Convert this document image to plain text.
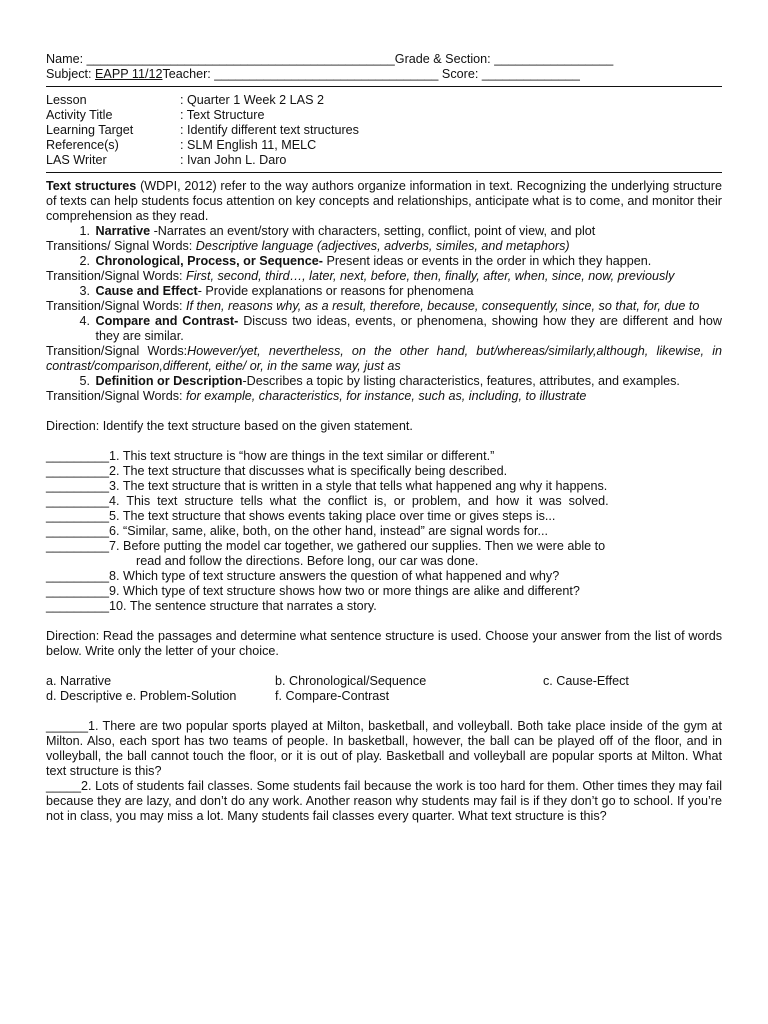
Name: ____________________________________________Grade & Section: _________________
Subject: EAPP 11/12Teacher: ________________________________ Score: ______________
Lesson	: Quarter 1 Week 2 LAS 2
Activity Title	: Text Structure
Learning Target	: Identify different text structures
Reference(s)	: SLM English 11, MELC
LAS Writer	: Ivan John L. Daro
Text structures (WDPI, 2012) refer to the way authors organize information in text. Recognizing the underlying structure of texts can help students focus attention on key concepts and relationships, anticipate what is to come, and monitor their comprehension as they read.
1. Narrative -Narrates an event/story with characters, setting, conflict, point of view, and plot
Transitions/ Signal Words: Descriptive language (adjectives, adverbs, similes, and metaphors)
2.
Chronological, Process, or Sequence- Present ideas or events in the order in which they happen.
Transition/Signal Words: First, second, third…, later, next, before, then, finally, after, when, since, now, previously
3. Cause and Effect- Provide explanations or reasons for phenomena
Transition/Signal Words: If then, reasons why, as a result, therefore, because, consequently, since, so that, for, due to
4.
Compare and Contrast- Discuss two ideas, events, or phenomena, showing how they are different and how they are similar.
Transition/Signal Words:However/yet, nevertheless, on the other hand, but/whereas/similarly,although, likewise, in contrast/comparison,different, eithe/ or, in the same way, just as
5.
Definition or Description-Describes a topic by listing characteristics, features, attributes, and examples.
Transition/Signal Words: for example, characteristics, for instance, such as, including, to illustrate
Direction: Identify the text structure based on the given statement.
_________1. This text structure is “how are things in the text similar or different.”
_________2. The text structure that discusses what is specifically being described.
_________3. The text structure that is written in a style that tells what happened ang why it happens.
_________4.  This  text  structure  tells  what  the  conflict  is,  or  problem,  and  how  it  was  solved.
_________5. The text structure that shows events taking place over time or gives steps is...
_________6. “Similar, same, alike, both, on the other hand, instead” are signal words for...
_________7. Before putting the model car together, we gathered our supplies. Then we were able to
read and follow the directions. Before long, our car was done.
_________8. Which type of text structure answers the question of what happened and why?
_________9. Which type of text structure shows how two or more things are alike and different?
_________10. The sentence structure that narrates a story.
Direction: Read the passages and determine what sentence structure is used. Choose your answer from the list of words below. Write only the letter of your choice.
a. Narrative	b. Chronological/Sequence	c. Cause-Effect
d. Descriptive e. Problem-Solution	f. Compare-Contrast
______1. There are two popular sports played at Milton, basketball, and volleyball. Both take place inside of the gym at Milton. Also, each sport has two teams of people. In basketball, however, the ball can be played off of the floor, and in volleyball, the ball cannot touch the floor, or it is out of play. Basketball and volleyball are popular sports at Milton. What text structure is this?
_____2. Lots of students fail classes. Some students fail because the work is too hard for them. Other times they may fail because they are lazy, and don’t do any work. Another reason why students may fail is if they don’t go to school. If you’re not in class, you may miss a lot. Many students fail classes every quarter. What text structure is this?
